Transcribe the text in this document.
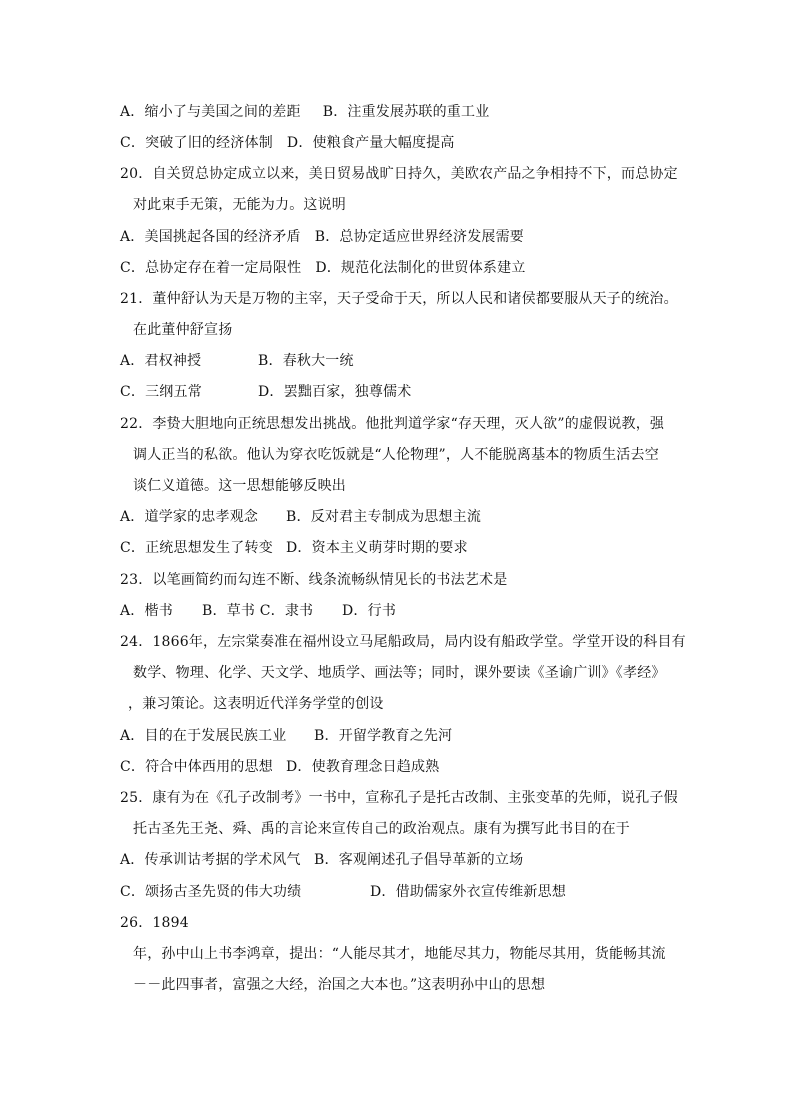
A．缩小了与美国之间的差距 B．注重发展苏联的重工业
C．突破了旧的经济体制 D．使粮食产量大幅度提高
20．自关贸总协定成立以来，美日贸易战旷日持久，美欧农产品之争相持不下，而总协定
对此束手无策，无能为力。这说明
A．美国挑起各国的经济矛盾 B．总协定适应世界经济发展需要
C．总协定存在着一定局限性 D．规范化法制化的世贸体系建立
21．董仲舒认为天是万物的主宰，天子受命于天，所以人民和诸侯都要服从天子的统治。
在此董仲舒宣扬
A．君权神授	B．春秋大一统
C．三纲五常	D．罢黜百家，独尊儒术
22．李贽大胆地向正统思想发出挑战。他批判道学家“存天理，灭人欲”的虚假说教，强
调人正当的私欲。他认为穿衣吃饭就是“人伦物理”，人不能脱离基本的物质生活去空
谈仁义道德。这一思想能够反映出
A．道学家的忠孝观念 B．反对君主专制成为思想主流
C．正统思想发生了转变 D．资本主义萌芽时期的要求
23．以笔画简约而勾连不断、线条流畅纵情见长的书法艺术是
A．楷书 B．草书 C．隶书 D．行书
24．1866年，左宗棠奏准在福州设立马尾船政局，局内设有船政学堂。学堂开设的科目有
数学、物理、化学、天文学、地质学、画法等；同时，课外要读《圣谕广训》《孝经》
，兼习策论。这表明近代洋务学堂的创设
A．目的在于发展民族工业 B．开留学教育之先河
C．符合中体西用的思想 D．使教育理念日趋成熟
25．康有为在《孔子改制考》一书中，宣称孔子是托古改制、主张变革的先师，说孔子假
托古圣先王尧、舜、禹的言论来宣传自己的政治观点。康有为撰写此书目的在于
A．传承训诂考据的学术风气 B．客观阐述孔子倡导革新的立场
C．颂扬古圣先贤的伟大功绩	D．借助儒家外衣宣传维新思想
26．1894
年，孙中山上书李鸿章，提出：“人能尽其才，地能尽其力，物能尽其用，货能畅其流
－－此四事者，富强之大经，治国之大本也。”这表明孙中山的思想
